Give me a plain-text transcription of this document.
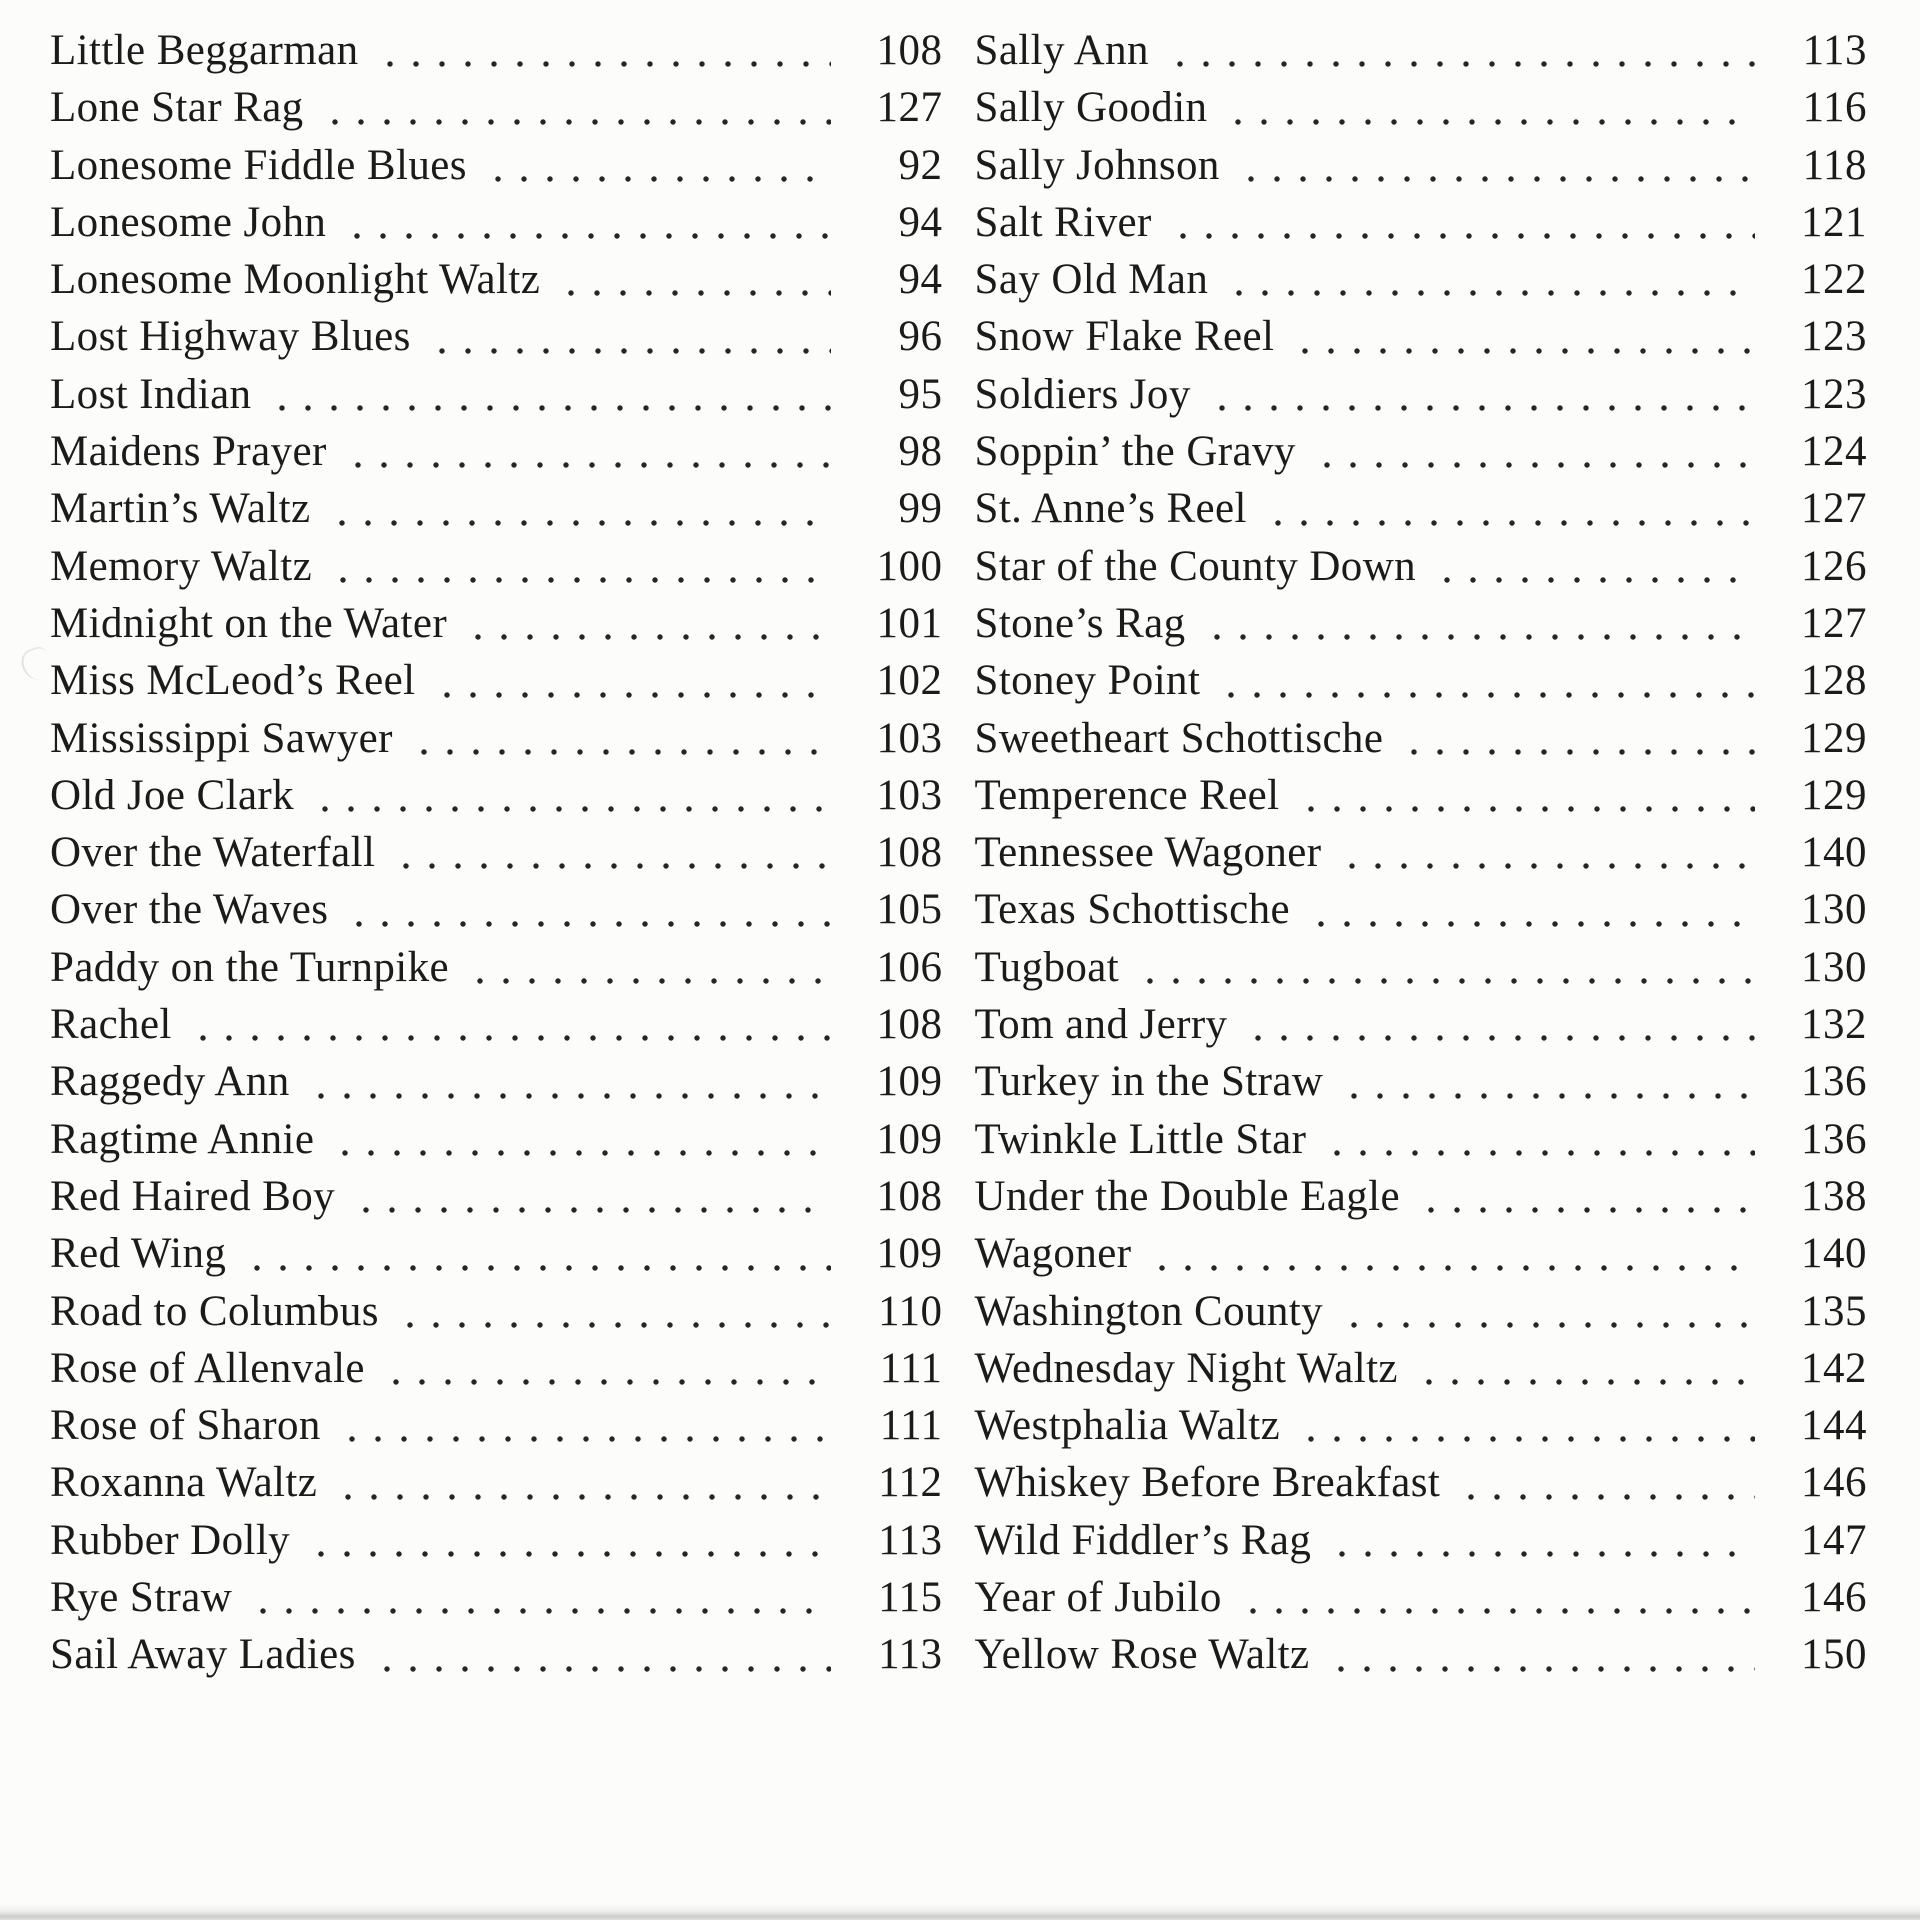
Little Beggarman	108
Lone Star Rag	127
Lonesome Fiddle Blues	92
Lonesome John	94
Lonesome Moonlight Waltz	94
Lost Highway Blues	96
Lost Indian	95
Maidens Prayer	98
Martin’s Waltz	99
Memory Waltz	100
Midnight on the Water	101
Miss McLeod’s Reel	102
Mississippi Sawyer	103
Old Joe Clark	103
Over the Waterfall	108
Over the Waves	105
Paddy on the Turnpike	106
Rachel	108
Raggedy Ann	109
Ragtime Annie	109
Red Haired Boy	108
Red Wing	109
Road to Columbus	110
Rose of Allenvale	111
Rose of Sharon	111
Roxanna Waltz	112
Rubber Dolly	113
Rye Straw	115
Sail Away Ladies	113
Sally Ann	113
Sally Goodin	116
Sally Johnson	118
Salt River	121
Say Old Man	122
Snow Flake Reel	123
Soldiers Joy	123
Soppin’ the Gravy	124
St. Anne’s Reel	127
Star of the County Down	126
Stone’s Rag	127
Stoney Point	128
Sweetheart Schottische	129
Temperence Reel	129
Tennessee Wagoner	140
Texas Schottische	130
Tugboat	130
Tom and Jerry	132
Turkey in the Straw	136
Twinkle Little Star	136
Under the Double Eagle	138
Wagoner	140
Washington County	135
Wednesday Night Waltz	142
Westphalia Waltz	144
Whiskey Before Breakfast	146
Wild Fiddler’s Rag	147
Year of Jubilo	146
Yellow Rose Waltz	150
